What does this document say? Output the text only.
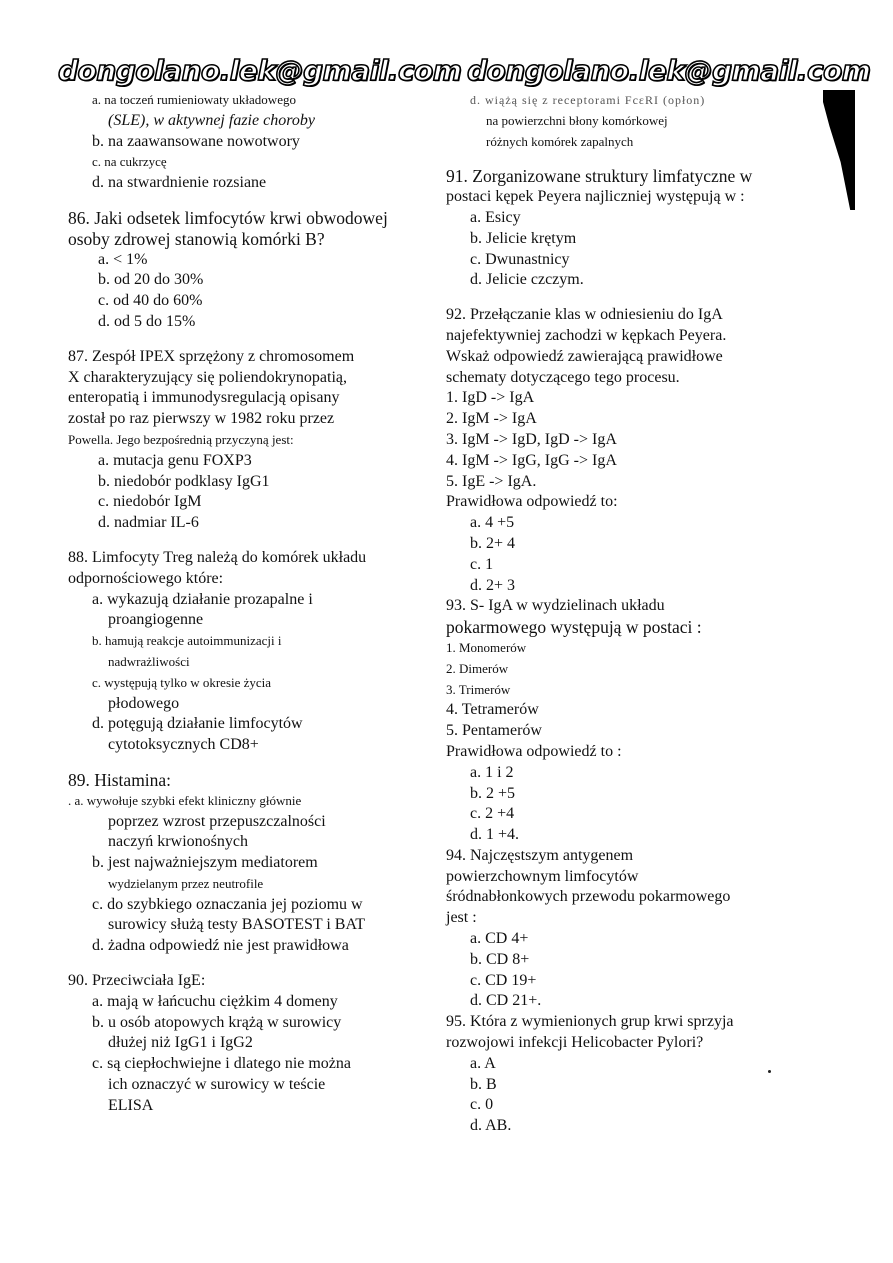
dongolano.lek@gmail.com dongolano.lek@gmail.com
a. na toczeń rumieniowaty układowego
(SLE), w aktywnej fazie choroby
b. na zaawansowane nowotwory
c. na cukrzycę
d. na stwardnienie rozsiane
86. Jaki odsetek limfocytów krwi obwodowej
osoby zdrowej stanowią komórki B?
a. < 1%
b. od 20 do 30%
c. od 40 do 60%
d. od 5 do 15%
87. Zespół IPEX sprzężony z chromosomem
X charakteryzujący się poliendokrynopatią,
enteropatią i immunodysregulacją opisany
został po raz pierwszy w 1982 roku przez
Powella. Jego bezpośrednią przyczyną jest:
a. mutacja genu FOXP3
b. niedobór podklasy IgG1
c. niedobór IgM
d. nadmiar IL-6
88. Limfocyty Treg należą do komórek układu
odpornościowego które:
a. wykazują działanie prozapalne i
proangiogenne
b. hamują reakcje autoimmunizacji i
nadwrażliwości
c. występują tylko w okresie życia
płodowego
d. potęgują działanie limfocytów
cytotoksycznych CD8+
89. Histamina:
. a. wywołuje szybki efekt kliniczny głównie
poprzez wzrost przepuszczalności
naczyń krwionośnych
b. jest najważniejszym mediatorem
wydzielanym przez neutrofile
c. do szybkiego oznaczania jej poziomu w
surowicy służą testy BASOTEST i BAT
d. żadna odpowiedź nie jest prawidłowa
90. Przeciwciała IgE:
a. mają w łańcuchu ciężkim 4 domeny
b. u osób atopowych krążą w surowicy
dłużej niż IgG1 i IgG2
c. są ciepłochwiejne i dlatego nie można
ich oznaczyć w surowicy w teście
ELISA
d. wiążą się z receptorami FcεRI (opłon)
na powierzchni błony komórkowej
różnych komórek zapalnych
91. Zorganizowane struktury limfatyczne w
postaci kępek Peyera najliczniej występują w :
a. Esicy
b. Jelicie krętym
c. Dwunastnicy
d. Jelicie czczym.
92. Przełączanie klas w odniesieniu do IgA
najefektywniej zachodzi w kępkach Peyera.
Wskaż odpowiedź zawierającą prawidłowe
schematy dotyczącego tego procesu.
1. IgD -> IgA
2. IgM -> IgA
3. IgM -> IgD, IgD -> IgA
4. IgM -> IgG, IgG -> IgA
5. IgE -> IgA.
Prawidłowa odpowiedź to:
a. 4 +5
b. 2+ 4
c. 1
d. 2+ 3
93. S- IgA w wydzielinach układu
pokarmowego występują w postaci :
1. Monomerów
2. Dimerów
3. Trimerów
4. Tetramerów
5. Pentamerów
Prawidłowa odpowiedź to :
a. 1 i 2
b. 2 +5
c. 2 +4
d. 1 +4.
94. Najczęstszym antygenem
powierzchownym limfocytów
śródnabłonkowych przewodu pokarmowego
jest :
a. CD 4+
b. CD 8+
c. CD 19+
d. CD 21+.
95. Która z wymienionych grup krwi sprzyja
rozwojowi infekcji Helicobacter Pylori?
a. A
b. B
c. 0
d. AB.
